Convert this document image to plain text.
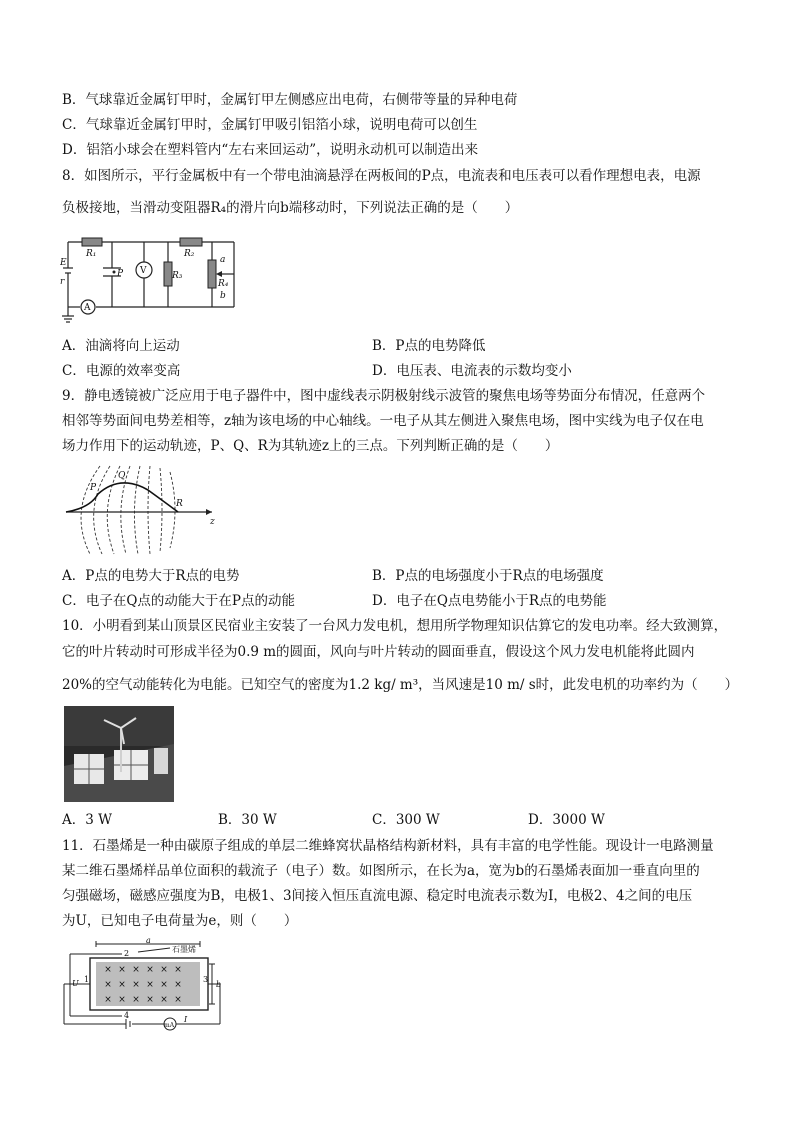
B．气球靠近金属钉甲时，金属钉甲左侧感应出电荷，右侧带等量的异种电荷
C．气球靠近金属钉甲时，金属钉甲吸引铝箔小球，说明电荷可以创生
D．铝箔小球会在塑料管内“左右来回运动”，说明永动机可以制造出来
8．如图所示，平行金属板中有一个带电油滴悬浮在两板间的P点，电流表和电压表可以看作理想电表，电源
负极接地，当滑动变阻器R₄的滑片向b端移动时，下列说法正确的是（　　）
E
r
R₁	R₂
R₃
R₄
P
a
b
V
A
A．油滴将向上运动	B．P点的电势降低
C．电源的效率变高	D．电压表、电流表的示数均变小
9．静电透镜被广泛应用于电子器件中，图中虚线表示阴极射线示波管的聚焦电场等势面分布情况，任意两个
相邻等势面间电势差相等，z轴为该电场的中心轴线。一电子从其左侧进入聚焦电场，图中实线为电子仅在电
场力作用下的运动轨迹，P、Q、R为其轨迹z上的三点。下列判断正确的是（　　）
P
Q
R
z
A．P点的电势大于R点的电势	B．P点的电场强度小于R点的电场强度
C．电子在Q点的动能大于在P点的动能	D．电子在Q点电势能小于R点的电势能
10．小明看到某山顶景区民宿业主安装了一台风力发电机，想用所学物理知识估算它的发电功率。经大致测算，
它的叶片转动时可形成半径为0.9 m的圆面，风向与叶片转动的圆面垂直，假设这个风力发电机能将此圆内
20%的空气动能转化为电能。已知空气的密度为1.2 kg/ m³，当风速是10 m/ s时，此发电机的功率约为（　　）
A．3 W	B．30 W	C．300 W	D．3000 W
11．石墨烯是一种由碳原子组成的单层二维蜂窝状晶格结构新材料，具有丰富的电学性能。现设计一电路测量
某二维石墨烯样品单位面积的载流子（电子）数。如图所示，在长为a，宽为b的石墨烯表面加一垂直向里的
匀强磁场，磁感应强度为B，电极1、3间接入恒压直流电源、稳定时电流表示数为I，电极2、4之间的电压
为U，已知电子电荷量为e，则（　　）
× × × × × ×
× × × × × ×
× × × × × ×
a
b
石墨烯
U
I
mA
2
4
1	3
